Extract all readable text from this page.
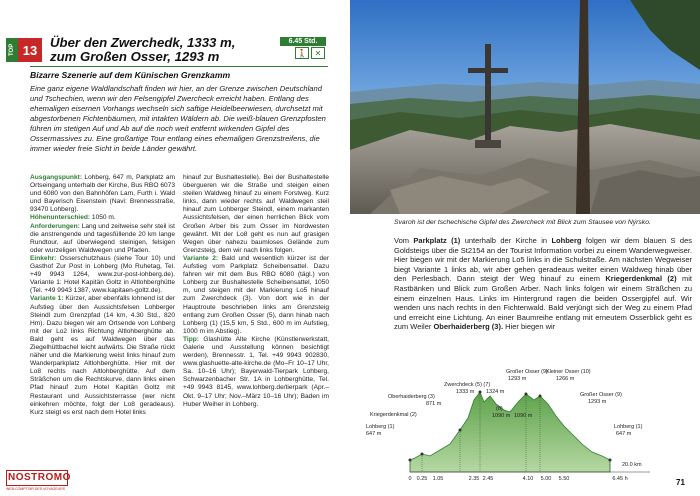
TOP 13 Über den Zwerchedk, 1333 m,
zum Großen Osser, 1293 m
6.45 Std.
🚶 ✕
Bizarre Szenerie auf dem Künischen Grenzkamm
Eine ganz eigene Waldlandschaft finden wir hier, an der Grenze zwischen Deutschland und Tschechien, wenn wir den Felsengipfel Zwercheck erreicht haben. Entlang des ehemaligen eisernen Vorhangs wechseln sich saftige Heidelbeerwiesen, durchsetzt mit abgestorbenen Fichtenbäumen, mit intakten Wäldern ab. Die weiß-blauen Grenzpfosten führen im stetigen Auf und Ab auf die noch weit entfernt wirkenden Gipfel des Ossermassives zu. Eine großartige Tour entlang eines ehemaligen Grenzstreifens, die immer wieder freie Sicht in beide Länder gewährt.

Ausgangspunkt: Lohberg, 647 m, Parkplatz am Ortseingang unterhalb der Kirche, Bus RBO 6073 und 6080 von den Bahnhöfen Lam, Furth i. Wald und Bayerisch Eisenstein (Navi: Brennesstraße, 93470 Lohberg).

Höhenunterschied: 1050 m.

Anforderungen: Lang und zeitweise sehr steil ist die anstrengende und tagesfüllende 20 km lange Rundtour, auf überwiegend steinigen, felsigen oder wurzeligen Waldwegen und Pfaden.

Einkehr: Osserschutzhaus (siehe Tour 10) und Gasthof Zur Post in Lohberg (Mo Ruhetag, Tel. +49 9943 1264, www.zur-post-lohberg.de). Variante 1: Hotel Kapitän Goltz in Altlohberghütte (Tel. +49 9943 1387, www.kapitaen-goltz.de).

Variante 1: Kürzer, aber ebenfalls lohnend ist der Aufstieg über den Aussichtsfelsen Lohberger Steindl zum Grenzpfad (14 km, 4.30 Std., 820 Hm). Dazu biegen wir am Ortsende von Lohberg mit der Lo2 links Richtung Altlohberghütte ab. Bald geht es auf Waldwegen über das Ziegelhüttbachel leicht aufwärts. Die Straße rückt näher und die Markierung weist links hinauf zum Wanderparkplatz Altlohberghütte. Hier mit der Lo8 rechts nach Altlohberghütte. Auf dem Sträßchen um die Rechtskurve, dann links einen Pfad hinauf zum Hotel Kapitän Goltz mit Restaurant und Aussichtsterrasse (wer nicht einkehren möchte, folgt der Lo8 geradeaus). Kurz steigt es erst nach dem Hotel links

hinauf zur Bushaltestelle). Bei der Bushaltestelle übergueren wir die Straße und steigen einen steilen Waldweg hinauf zu einem Forstweg. Kurz links, dann wieder rechts auf Waldwegen steil hinauf zum Lohberger Steindl, einem markanten Aussichtsfelsen, der einen herrlichen Blick vom Großen Arber bis zum Osser im Nordwesten gewährt. Mit der Lo8 geht es nun auf grasigen Wegen über nahezu baumloses Gelände zum Grenzsteig, dem wir nach links folgen.

Variante 2: Bald und wesentlich kürzer ist der Aufstieg vom Parkplatz Scheibensattel. Dazu fahren wir mit dem Bus RBO 6080 (tägl.) von Lohberg zur Bushaltestelle Scheibensattel, 1050 m, und steigen mit der Markierung Lo5 hinauf zum Zwerchdeck (3). Von dort wie in der Hauptroute beschrieben links am Grenzsteig entlang zum Großen Osser (5), dann hinab nach Lohberg (1) (15,5 km, 5 Std., 600 m im Aufstieg, 1000 m im Abstieg).

Tipp: Glashütte Alte Kirche (Künstlerwerkstatt, Galerie und Ausstellung können besichtigt werden), Brennesstr. 1, Tel. +49 9943 902830, www.glashuette-alte-kirche.de (Mo–Fr 10–17 Uhr, Sa. 10–16 Uhr); Bayerwald-Tierpark Lohberg, Schwarzenbacher Str. 1A in Lohberghütte, Tel. +49 9943 8145, www.lohberg.de/tierpark (Apr.–Okt. 9–17 Uhr; Nov.–März 10–16 Uhr); Baden im Huber Weiher in Lohberg.

NOSTROMO
WEB-COMPTOIR DES VOYAGEURS
Svaroh ist der tschechische Gipfel des Zwercheck mit Blick zum Stausee von Nýrsko.
Vom Parkplatz (1) unterhalb der Kirche in Lohberg folgen wir dem blauen S des Goldsteigs über die St2154 an der Tourist Information vorbei zu einem Wanderwegweiser. Hier biegen wir mit der Markierung Lo5 links in die Schulstraße. Am nächsten Wegweiser biegt Variante 1 links ab, wir aber gehen geradeaus weiter einen Waldweg hinab über den Perlesbach. Dann steigt der Weg hinauf zu einem Kriegerdenkmal (2) mit Rastbänken und Blick zum Großen Arber. Nach links folgen wir einem Sträßchen zu einem einzelnen Haus. Links im Hintergrund ragen die beiden Ossergipfel auf. Wir wenden uns nach rechts in den Fichtenwald. Bald verjüngt sich der Weg zu einem Pfad und erreicht eine Lichtung. An einer Baumreihe entlang mit erneutem Osserblick geht es zum Weiler Oberhaiderberg (3). Hier biegen wir
Lohberg (1)
647 m
Kriegerdenkmal (2)
Oberhaiderberg (3)
871 m
Zwerchdeck (5) (7)
1333 m 1324 m
Großer Osser (9)
1293 m
Kleiner Osser (10)
1266 m
(8)
1090 m 1090 m
Großer Osser (9)
1293 m
Lohberg (1)
647 m
20.0 km
0 0.25 1.05	2.35 2.45	4.10 5.00 5.50	6.45 h	71
